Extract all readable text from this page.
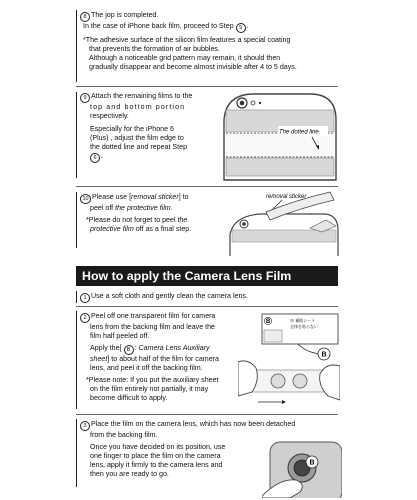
8 The jop is completed.
In the case of iPhone back film, proceed to Step 9 .
*The adhesive surface of the silicon film features a special coating
that prevents the formation of air bubbles.
Although a noticeable grid pattern may remain, it should then
gradually disappear and become almost invisible after 4 to 5 days.
9 Attach the remaining films to the
top and bottom portion
respectively.
Especially for the iPhone 6
(Plus) , adjust the film edge to
the dotted line and repeat Step
6 .
The dotted line
10 Please use [removal sticker] to
peel off the protective film.
*Please do not forget to peel the
protective film off as a final step.
removal sticker
How to apply the Camera Lens Film
1 Use a soft cloth and gently clean the camera lens.
2 Peel off one transparent film for camera
lens from the backing film and leave the
film half peeled off.
Apply the[ B : Camera Lens Auxiliary
sheet] to about half of the film for camera
lens, and peel it off the backing film.
*Please note: If you put the auxiliary sheet
on the film entirely not partially, it may
become difficult to apply.
B	ゆ 補助シート
全体を貼らない
B
3 Place the film on the camera lens, which has now been detached
from the backing film.
Once you have decided on its position, use
one finger to place the film on the camera
lens, apply it firmly to the camera lens and
then you are ready to go.
B
